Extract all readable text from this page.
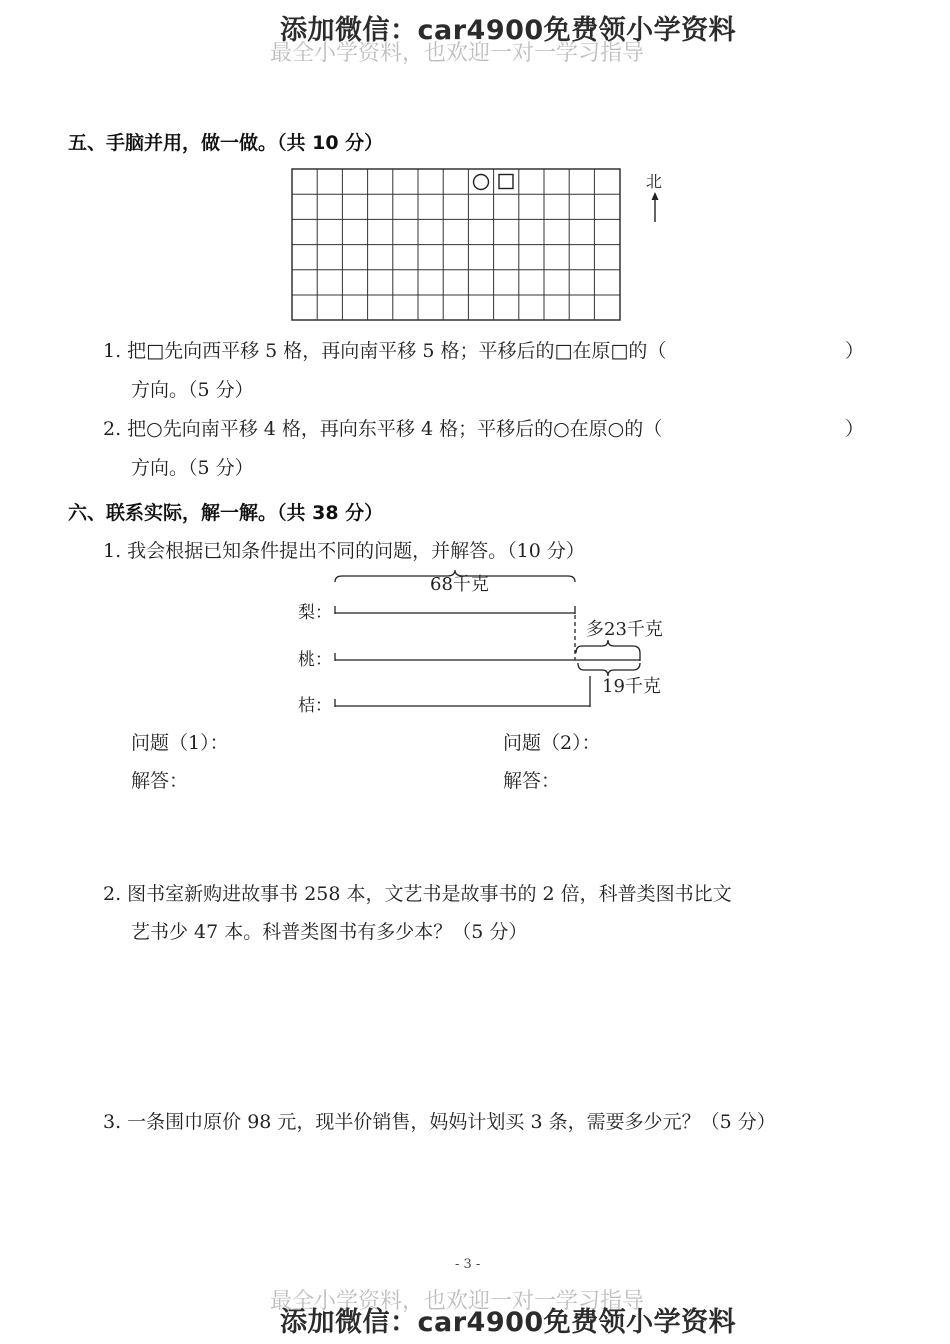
最全小学资料，也欢迎一对一学习指导
添加微信：car4900免费领小学资料
五、手脑并用，做一做。（共 10 分）
北
1. 把□先向西平移 5 格，再向南平移 5 格；平移后的□在原□的（	）
方向。（5 分）
2. 把○先向南平移 4 格，再向东平移 4 格；平移后的○在原○的（	）
方向。（5 分）
六、联系实际，解一解。（共 38 分）
1. 我会根据已知条件提出不同的问题，并解答。（10 分）
68千克
多23千克
19千克
梨：
桃：
桔：
问题（1）：
解答：
问题（2）：
解答：
2. 图书室新购进故事书 258 本，文艺书是故事书的 2 倍，科普类图书比文
艺书少 47 本。科普类图书有多少本？（5 分）
3. 一条围巾原价 98 元，现半价销售，妈妈计划买 3 条，需要多少元？（5 分）
- 3 -
最全小学资料，也欢迎一对一学习指导
添加微信：car4900免费领小学资料
